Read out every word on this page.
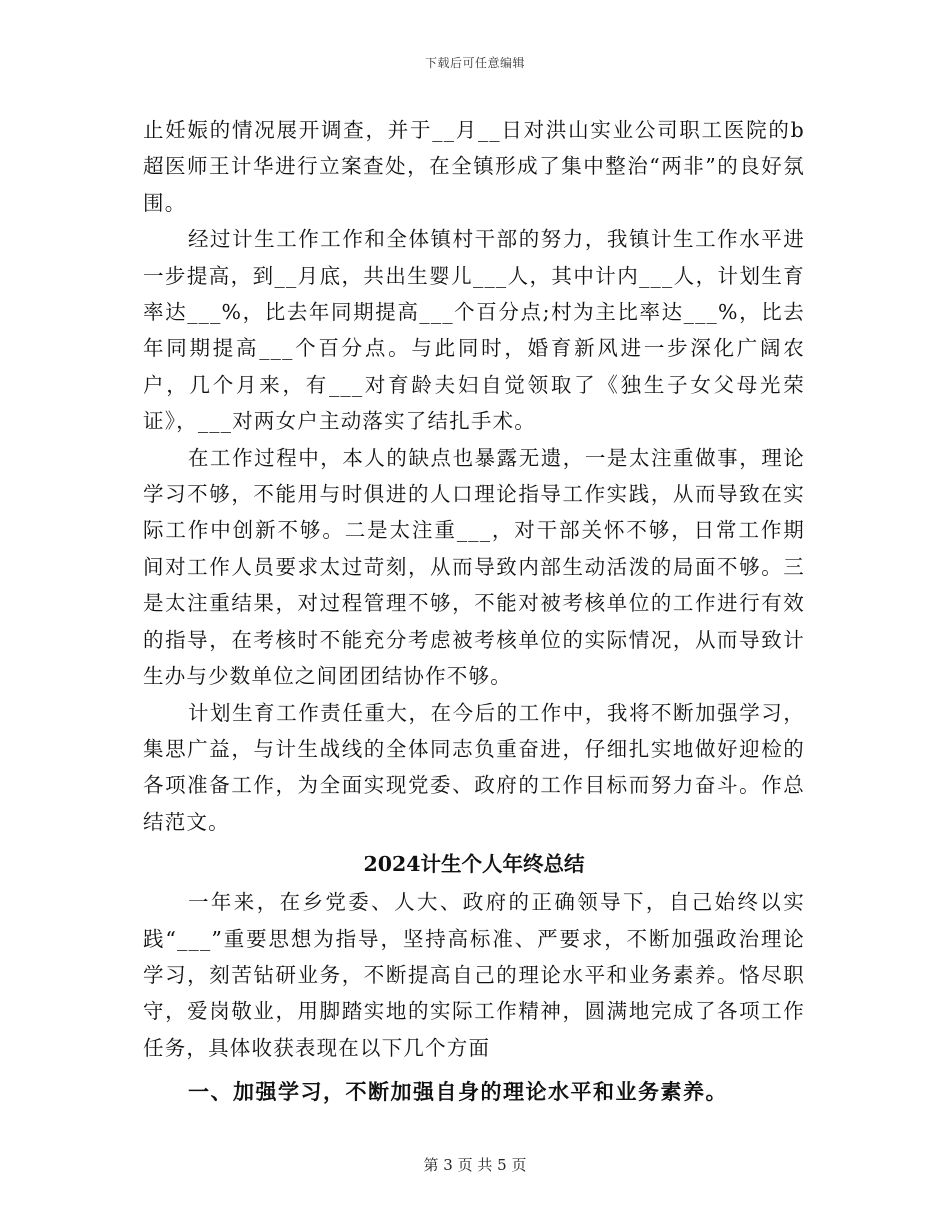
下载后可任意编辑

止妊娠的情况展开调查，并于__月__日对洪山实业公司职工医院的b超医师王计华进行立案查处，在全镇形成了集中整治“两非”的良好氛围。

经过计生工作工作和全体镇村干部的努力，我镇计生工作水平进一步提高，到__月底，共出生婴儿___人，其中计内___人，计划生育率达___%，比去年同期提高___个百分点;村为主比率达___%，比去年同期提高___个百分点。与此同时，婚育新风进一步深化广阔农户，几个月来，有___对育龄夫妇自觉领取了《独生子女父母光荣证》，___对两女户主动落实了结扎手术。

在工作过程中，本人的缺点也暴露无遗，一是太注重做事，理论学习不够，不能用与时俱进的人口理论指导工作实践，从而导致在实际工作中创新不够。二是太注重___，对干部关怀不够，日常工作期间对工作人员要求太过苛刻，从而导致内部生动活泼的局面不够。三是太注重结果，对过程管理不够，不能对被考核单位的工作进行有效的指导，在考核时不能充分考虑被考核单位的实际情况，从而导致计生办与少数单位之间团团结协作不够。

计划生育工作责任重大，在今后的工作中，我将不断加强学习，集思广益，与计生战线的全体同志负重奋进，仔细扎实地做好迎检的各项准备工作，为全面实现党委、政府的工作目标而努力奋斗。作总结范文。

2024计生个人年终总结

一年来，在乡党委、人大、政府的正确领导下，自己始终以实践“___”重要思想为指导，坚持高标准、严要求，不断加强政治理论学习，刻苦钻研业务，不断提高自己的理论水平和业务素养。恪尽职守，爱岗敬业，用脚踏实地的实际工作精神，圆满地完成了各项工作任务，具体收获表现在以下几个方面

一、加强学习，不断加强自身的理论水平和业务素养。
第 3 页 共 5 页
